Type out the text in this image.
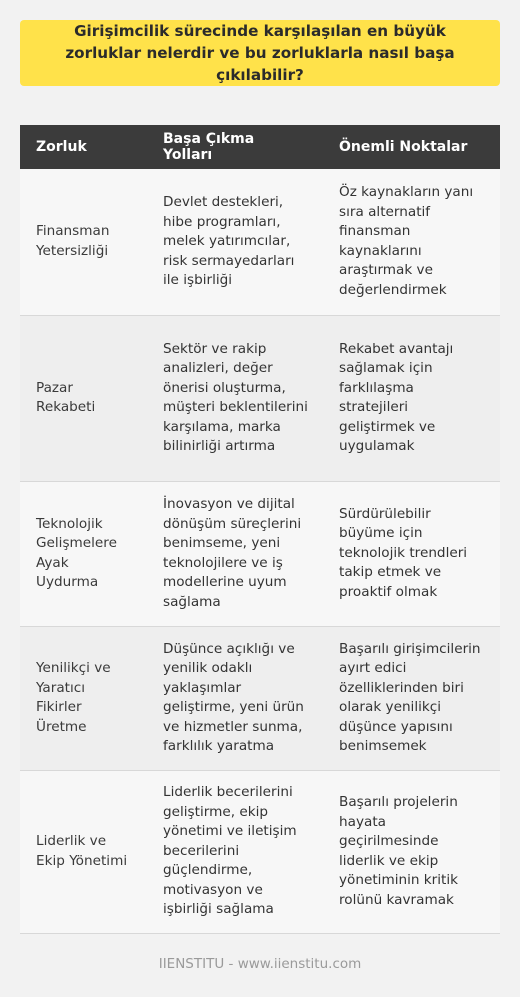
Girişimcilik sürecinde karşılaşılan en büyük zorluklar nelerdir ve bu zorluklarla nasıl başa çıkılabilir?
Zorluk	Başa Çıkma Yolları	Önemli Noktalar
Finansman Yetersizliği	Devlet destekleri, hibe programları, melek yatırımcılar, risk sermayedarları ile işbirliği	Öz kaynakların yanı sıra alternatif finansman kaynaklarını araştırmak ve değerlendirmek
Pazar Rekabeti	Sektör ve rakip analizleri, değer önerisi oluşturma, müşteri beklentilerini karşılama, marka bilinirliği artırma	Rekabet avantajı sağlamak için farklılaşma stratejileri geliştirmek ve uygulamak
Teknolojik Gelişmelere Ayak Uydurma	İnovasyon ve dijital dönüşüm süreçlerini benimseme, yeni teknolojilere ve iş modellerine uyum sağlama	Sürdürülebilir büyüme için teknolojik trendleri takip etmek ve proaktif olmak
Yenilikçi ve Yaratıcı Fikirler Üretme	Düşünce açıklığı ve yenilik odaklı yaklaşımlar geliştirme, yeni ürün ve hizmetler sunma, farklılık yaratma	Başarılı girişimcilerin ayırt edici özelliklerinden biri olarak yenilikçi düşünce yapısını benimsemek
Liderlik ve Ekip Yönetimi	Liderlik becerilerini geliştirme, ekip yönetimi ve iletişim becerilerini güçlendirme, motivasyon ve işbirliği sağlama	Başarılı projelerin hayata geçirilmesinde liderlik ve ekip yönetiminin kritik rolünü kavramak
IIENSTITU - www.iienstitu.com
